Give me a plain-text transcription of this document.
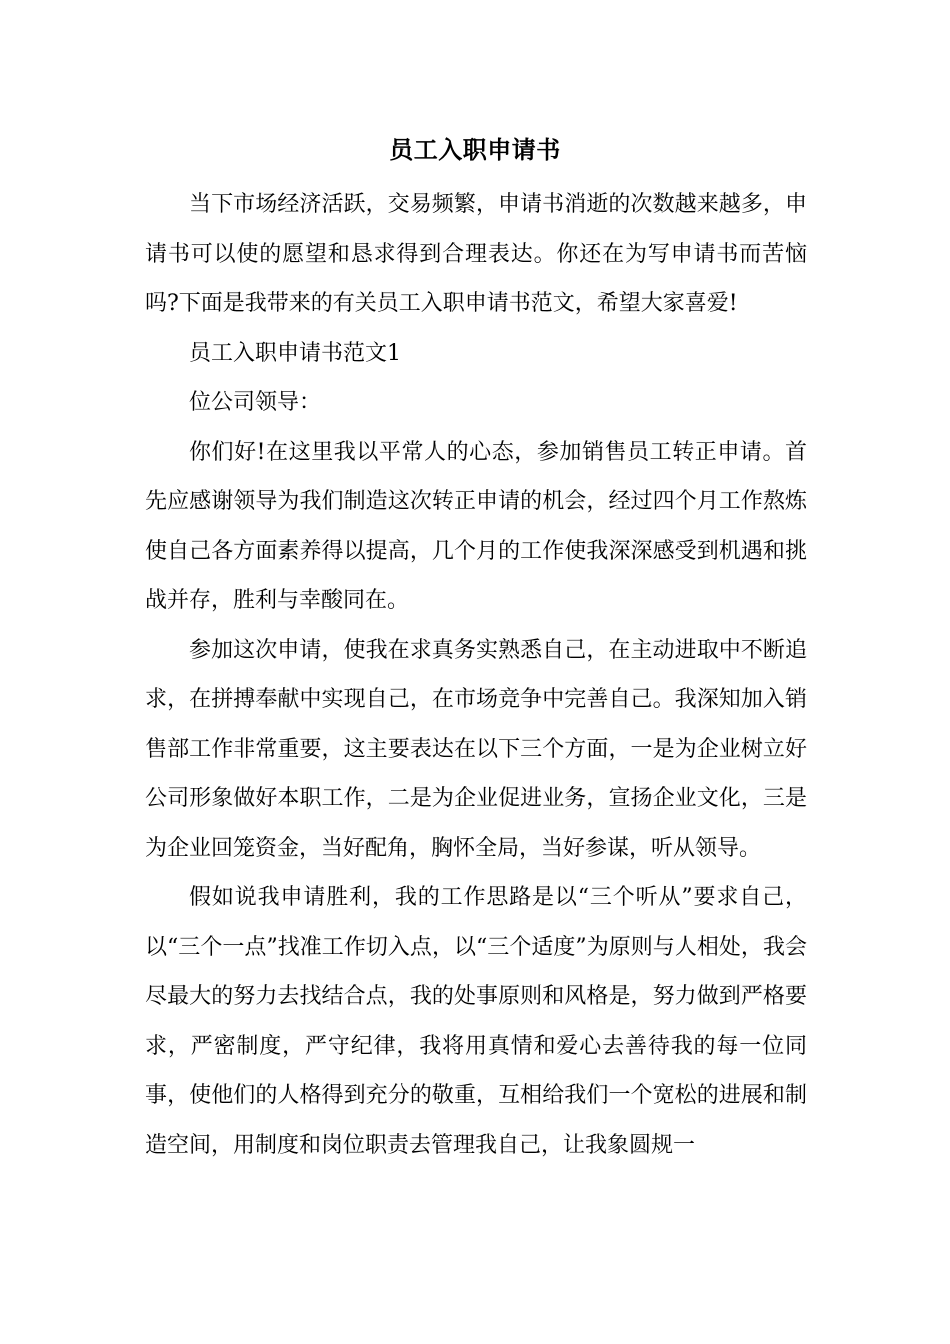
员工入职申请书

当下市场经济活跃，交易频繁，申请书消逝的次数越来越多，申请书可以使的愿望和恳求得到合理表达。你还在为写申请书而苦恼吗?下面是我带来的有关员工入职申请书范文，希望大家喜爱!

员工入职申请书范文1

位公司领导：

你们好!在这里我以平常人的心态，参加销售员工转正申请。首先应感谢领导为我们制造这次转正申请的机会，经过四个月工作熬炼使自己各方面素养得以提高，几个月的工作使我深深感受到机遇和挑战并存，胜利与幸酸同在。

参加这次申请，使我在求真务实熟悉自己，在主动进取中不断追求，在拼搏奉献中实现自己，在市场竞争中完善自己。我深知加入销售部工作非常重要，这主要表达在以下三个方面，一是为企业树立好公司形象做好本职工作，二是为企业促进业务，宣扬企业文化，三是为企业回笼资金，当好配角，胸怀全局，当好参谋，听从领导。

假如说我申请胜利，我的工作思路是以“三个听从”要求自己，以“三个一点”找准工作切入点，以“三个适度”为原则与人相处，我会尽最大的努力去找结合点，我的处事原则和风格是，努力做到严格要求，严密制度，严守纪律，我将用真情和爱心去善待我的每一位同事，使他们的人格得到充分的敬重，互相给我们一个宽松的进展和制造空间，用制度和岗位职责去管理我自己，让我象圆规一
